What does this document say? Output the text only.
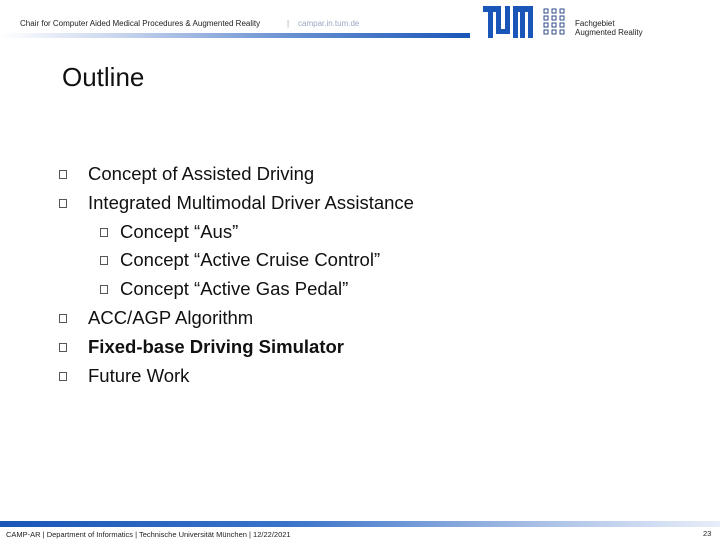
Chair for Computer Aided Medical Procedures & Augmented Reality	| campar.in.tum.de	Fachgebiet
Augmented Reality
Outline
Concept of Assisted Driving
Integrated Multimodal Driver Assistance
Concept “Aus”
Concept “Active Cruise Control”
Concept “Active Gas Pedal”
ACC/AGP Algorithm
Fixed-base Driving Simulator
Future Work
CAMP-AR | Department of Informatics | Technische Universität München | 12/22/2021	23
